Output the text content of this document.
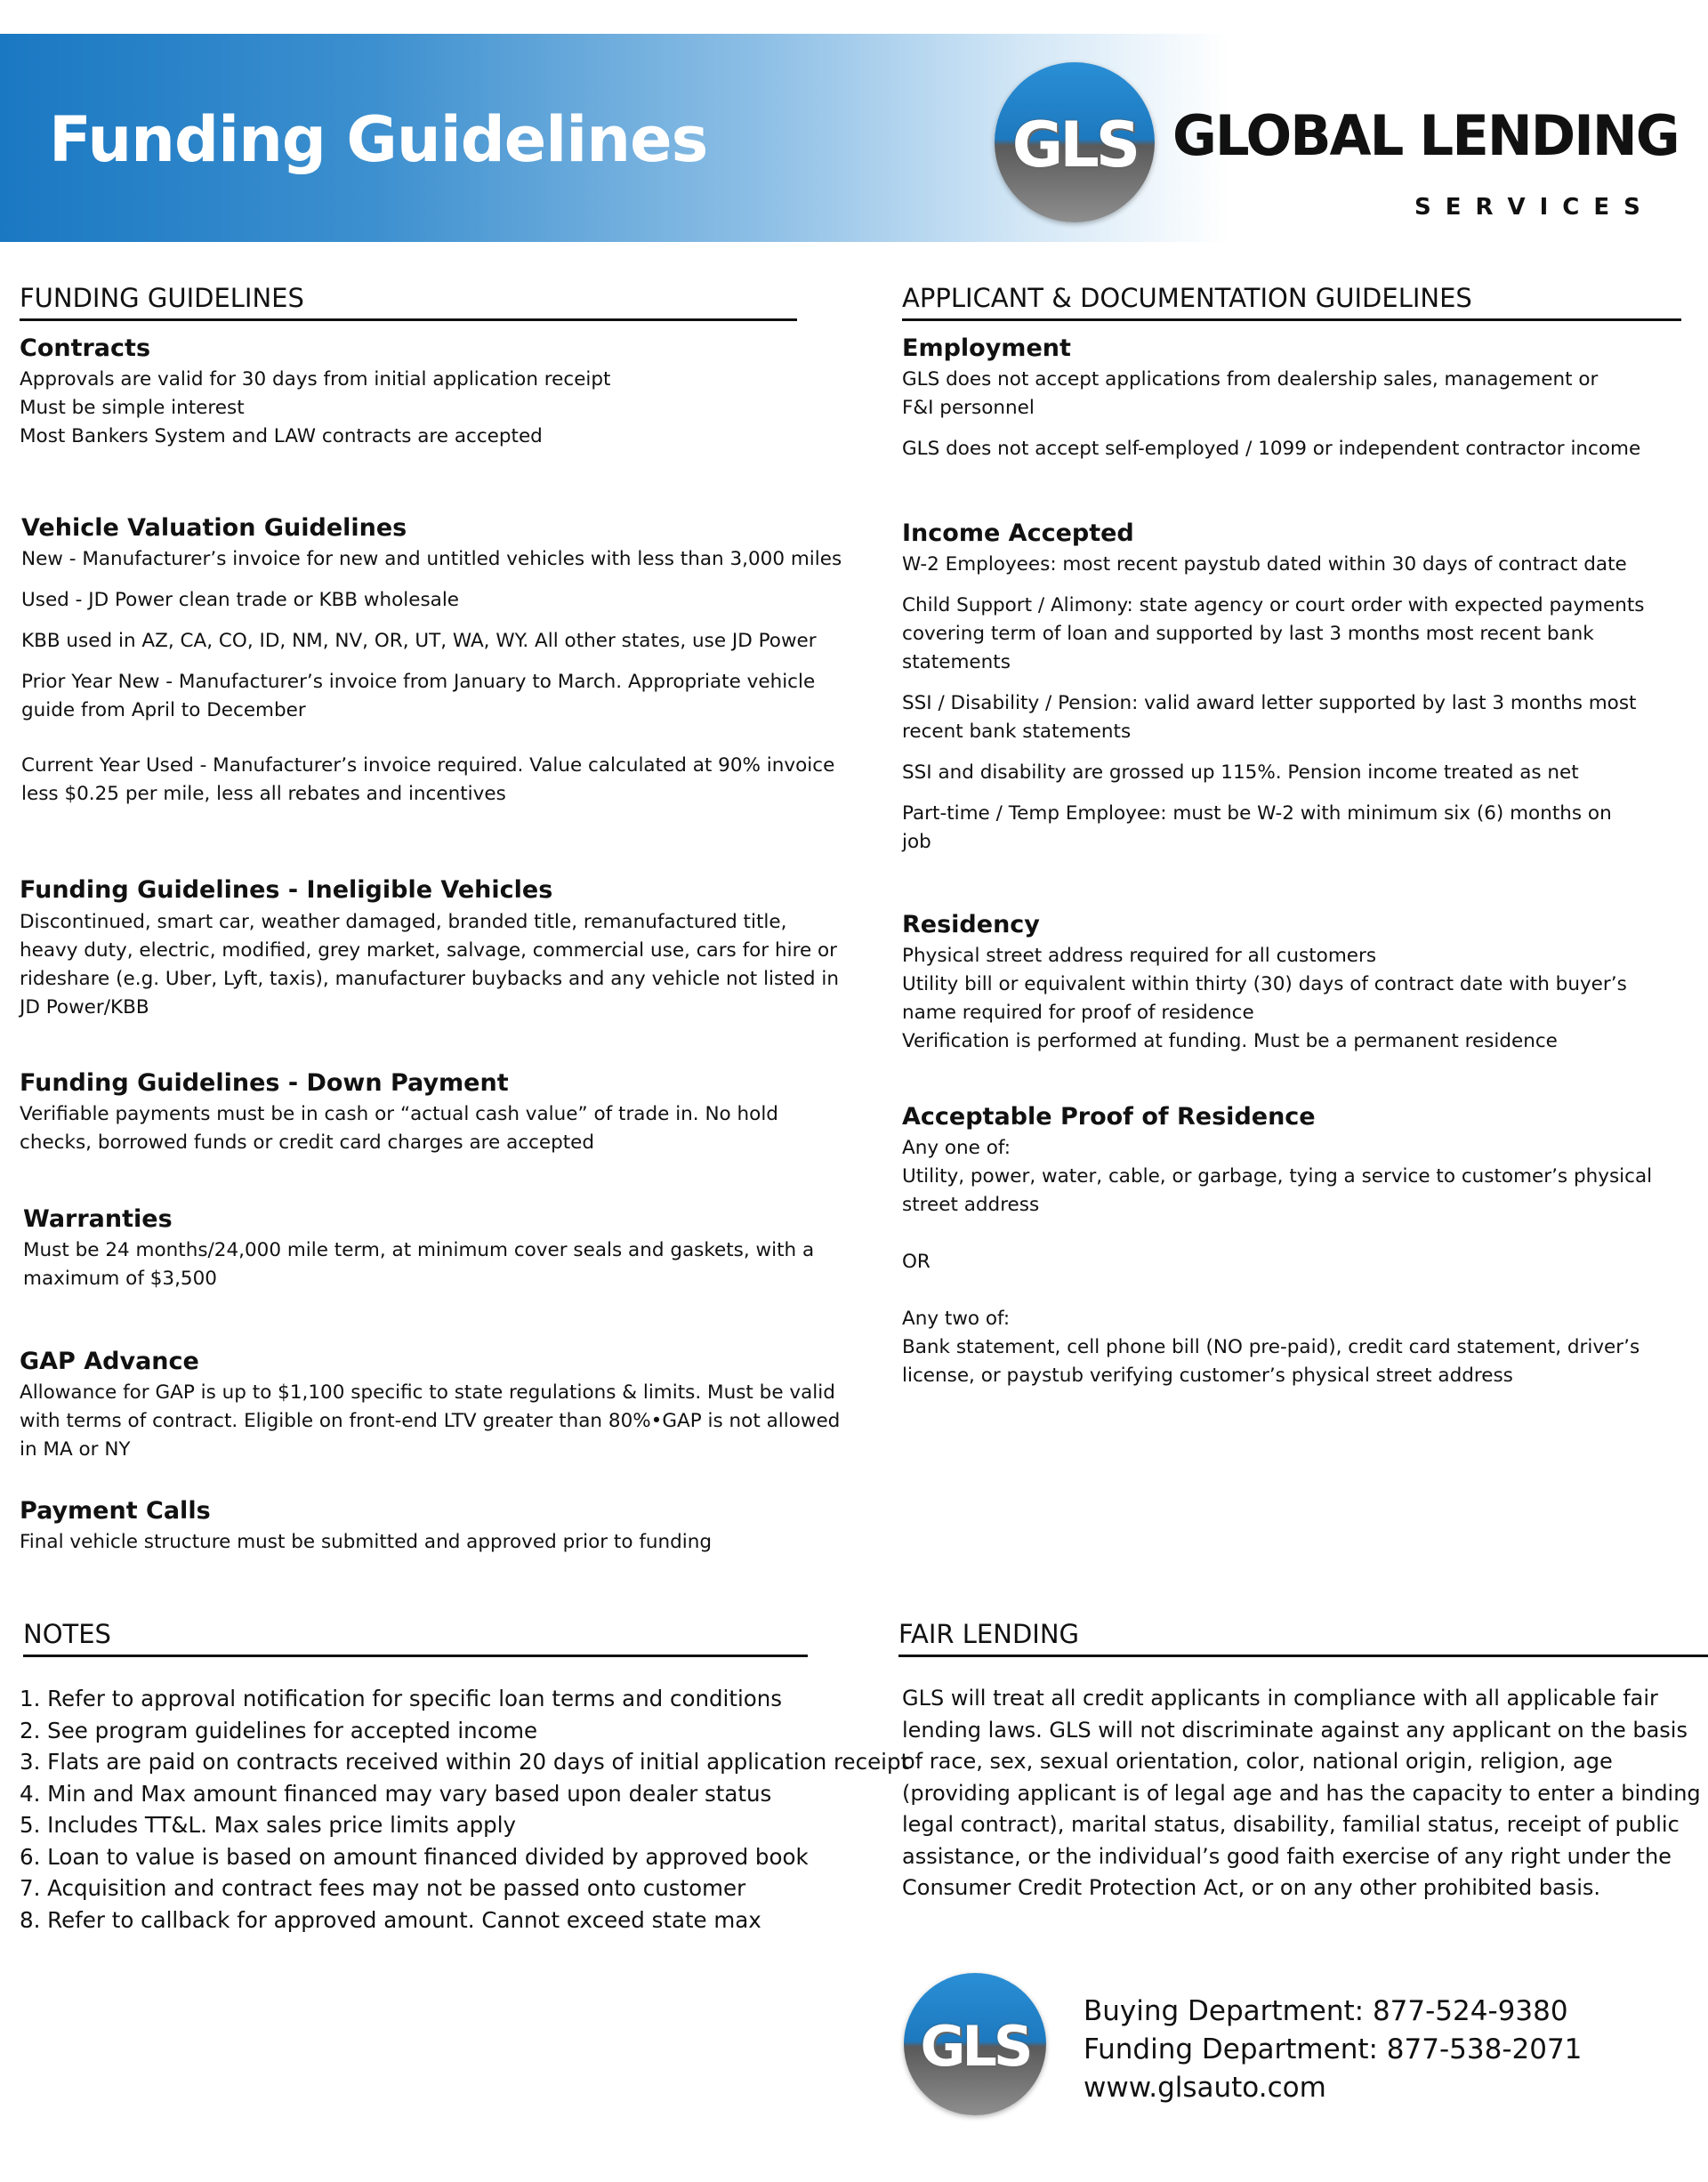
Funding Guidelines	GLS GLOBAL LENDING
SERVICES
FUNDING GUIDELINES
Contracts

Approvals are valid for 30 days from initial application receipt

Must be simple interest

Most Bankers System and LAW contracts are accepted

Vehicle Valuation Guidelines

New - Manufacturer’s invoice for new and untitled vehicles with less than 3,000 miles

Used - JD Power clean trade or KBB wholesale

KBB used in AZ, CA, CO, ID, NM, NV, OR, UT, WA, WY. All other states, use JD Power

Prior Year New - Manufacturer’s invoice from January to March. Appropriate vehicle

guide from April to December

Current Year Used - Manufacturer’s invoice required. Value calculated at 90% invoice

less $0.25 per mile, less all rebates and incentives

Funding Guidelines - Ineligible Vehicles

Discontinued, smart car, weather damaged, branded title, remanufactured title,

heavy duty, electric, modified, grey market, salvage, commercial use, cars for hire or

rideshare (e.g. Uber, Lyft, taxis), manufacturer buybacks and any vehicle not listed in

JD Power/KBB

Funding Guidelines - Down Payment

Verifiable payments must be in cash or “actual cash value” of trade in. No hold

checks, borrowed funds or credit card charges are accepted

Warranties

Must be 24 months/24,000 mile term, at minimum cover seals and gaskets, with a

maximum of $3,500

GAP Advance

Allowance for GAP is up to $1,100 specific to state regulations & limits. Must be valid

with terms of contract. Eligible on front-end LTV greater than 80%•GAP is not allowed

in MA or NY

Payment Calls

Final vehicle structure must be submitted and approved prior to funding

APPLICANT & DOCUMENTATION GUIDELINES
Employment

GLS does not accept applications from dealership sales, management or

F&I personnel

GLS does not accept self-employed / 1099 or independent contractor income

Income Accepted

W-2 Employees: most recent paystub dated within 30 days of contract date

Child Support / Alimony: state agency or court order with expected payments

covering term of loan and supported by last 3 months most recent bank

statements

SSI / Disability / Pension: valid award letter supported by last 3 months most

recent bank statements

SSI and disability are grossed up 115%. Pension income treated as net

Part-time / Temp Employee: must be W-2 with minimum six (6) months on

job

Residency

Physical street address required for all customers

Utility bill or equivalent within thirty (30) days of contract date with buyer’s

name required for proof of residence

Verification is performed at funding. Must be a permanent residence

Acceptable Proof of Residence

Any one of:

Utility, power, water, cable, or garbage, tying a service to customer’s physical

street address

OR

Any two of:

Bank statement, cell phone bill (NO pre-paid), credit card statement, driver’s

license, or paystub verifying customer’s physical street address

NOTES
1. Refer to approval notification for specific loan terms and conditions
2. See program guidelines for accepted income
3. Flats are paid on contracts received within 20 days of initial application receipt
4. Min and Max amount financed may vary based upon dealer status
5. Includes TT&L. Max sales price limits apply
6. Loan to value is based on amount financed divided by approved book
7. Acquisition and contract fees may not be passed onto customer
8. Refer to callback for approved amount. Cannot exceed state max
FAIR LENDING

GLS will treat all credit applicants in compliance with all applicable fair

lending laws. GLS will not discriminate against any applicant on the basis

of race, sex, sexual orientation, color, national origin, religion, age

(providing applicant is of legal age and has the capacity to enter a binding

legal contract), marital status, disability, familial status, receipt of public

assistance, or the individual’s good faith exercise of any right under the

Consumer Credit Protection Act, or on any other prohibited basis.

GLS

Buying Department: 877-524-9380

Funding Department: 877-538-2071

www.glsauto.com
